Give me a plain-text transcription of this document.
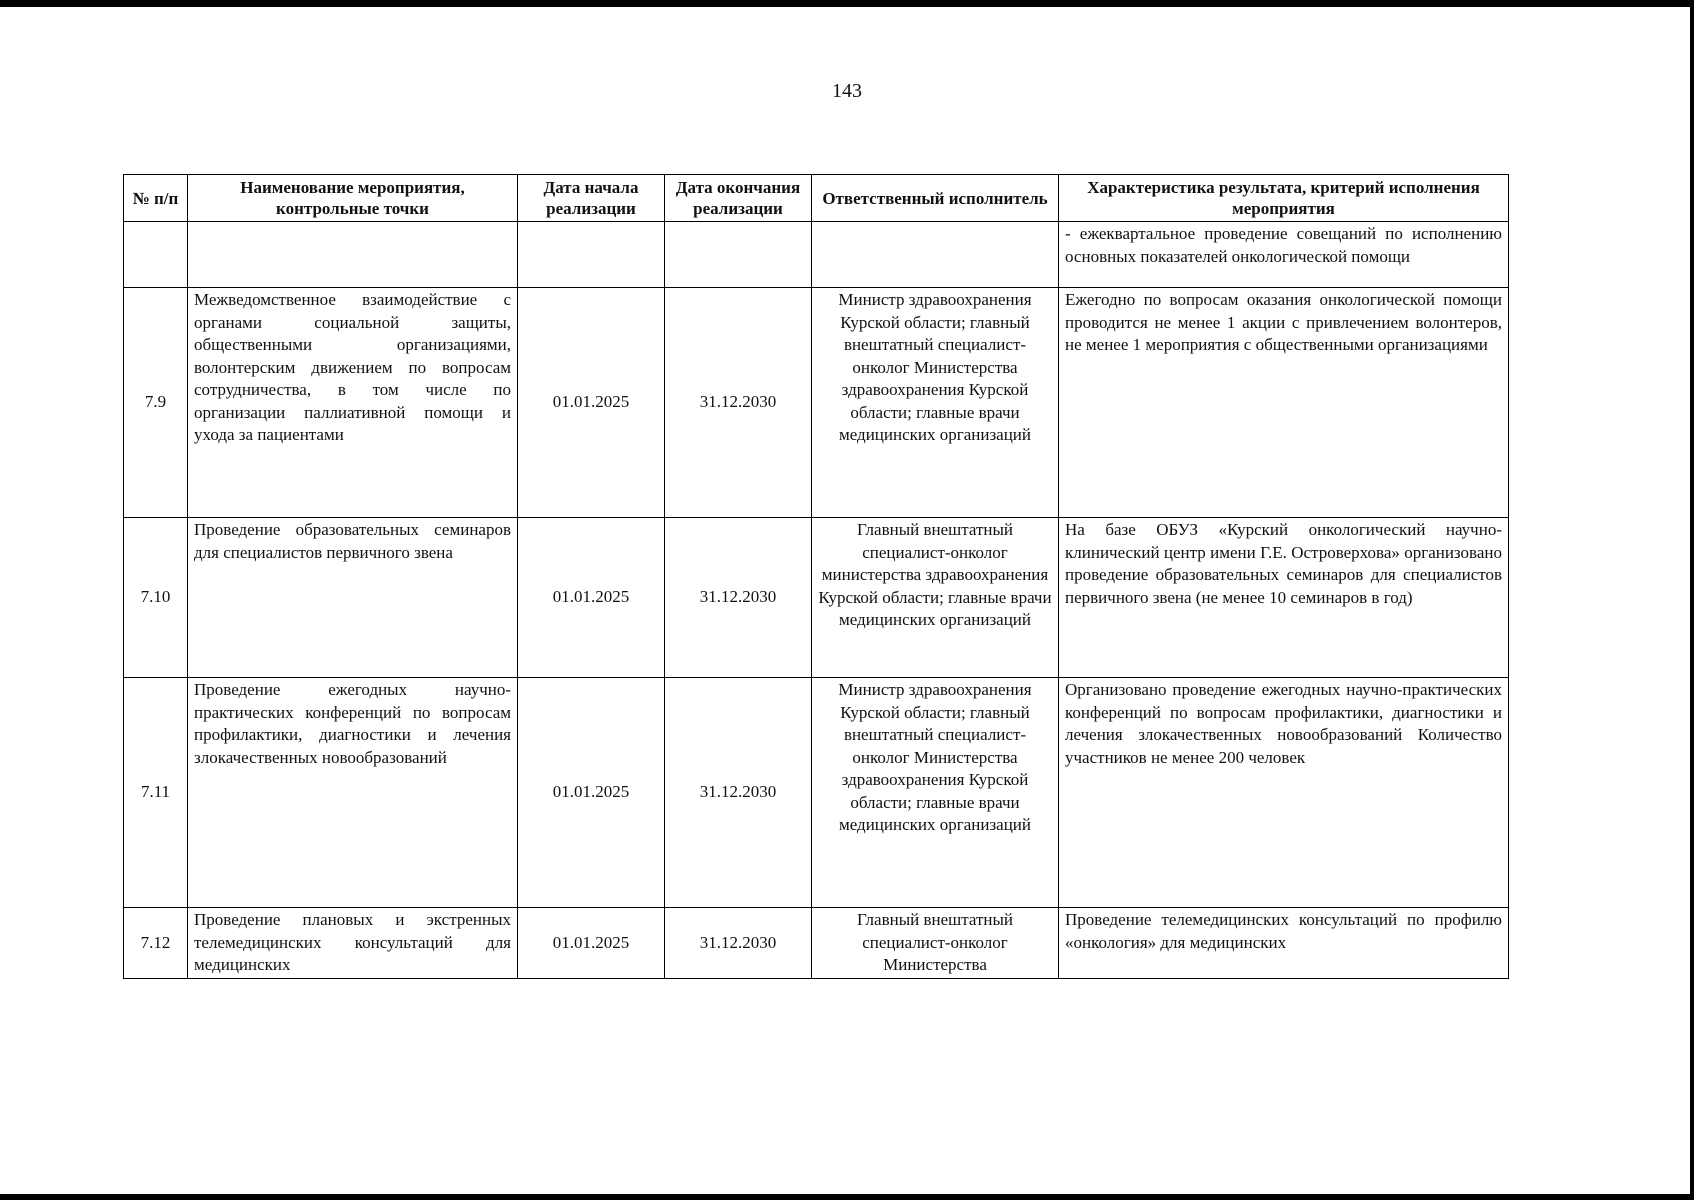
143
№ п/п	Наименование мероприятия, контрольные точки	Дата начала реализации	Дата окончания реализации	Ответственный исполнитель	Характеристика результата, критерий исполнения мероприятия
					- ежеквартальное проведение совещаний по исполнению основных показателей онкологической помощи
7.9	Межведомственное взаимодействие с органами социальной защиты, общественными организациями, волонтерским движением по вопросам сотрудничества, в том числе по организации паллиативной помощи и ухода за пациентами	01.01.2025	31.12.2030	Министр здравоохранения Курской области; главный внештатный специалист-онколог Министерства здравоохранения Курской области; главные врачи медицинских организаций	Ежегодно по вопросам оказания онкологической помощи проводится не менее 1 акции с привлечением волонтеров, не менее 1 мероприятия с общественными организациями
7.10	Проведение образовательных семинаров для специалистов первичного звена	01.01.2025	31.12.2030	Главный внештатный специалист-онколог министерства здравоохранения Курской области; главные врачи медицинских организаций	На базе ОБУЗ «Курский онкологический научно-клинический центр имени Г.Е. Островерхова» организовано проведение образовательных семинаров для специалистов первичного звена (не менее 10 семинаров в год)
7.11	Проведение ежегодных научно-практических конференций по вопросам профилактики, диагностики и лечения злокачественных новообразований	01.01.2025	31.12.2030	Министр здравоохранения Курской области; главный внештатный специалист-онколог Министерства здравоохранения Курской области; главные врачи медицинских организаций	Организовано проведение ежегодных научно-практических конференций по вопросам профилактики, диагностики и лечения злокачественных новообразований Количество участников не менее 200 человек
7.12	Проведение плановых и экстренных телемедицинских консультаций для медицинских	01.01.2025	31.12.2030	Главный внештатный специалист-онколог Министерства	Проведение телемедицинских консультаций по профилю «онкология» для медицинских
